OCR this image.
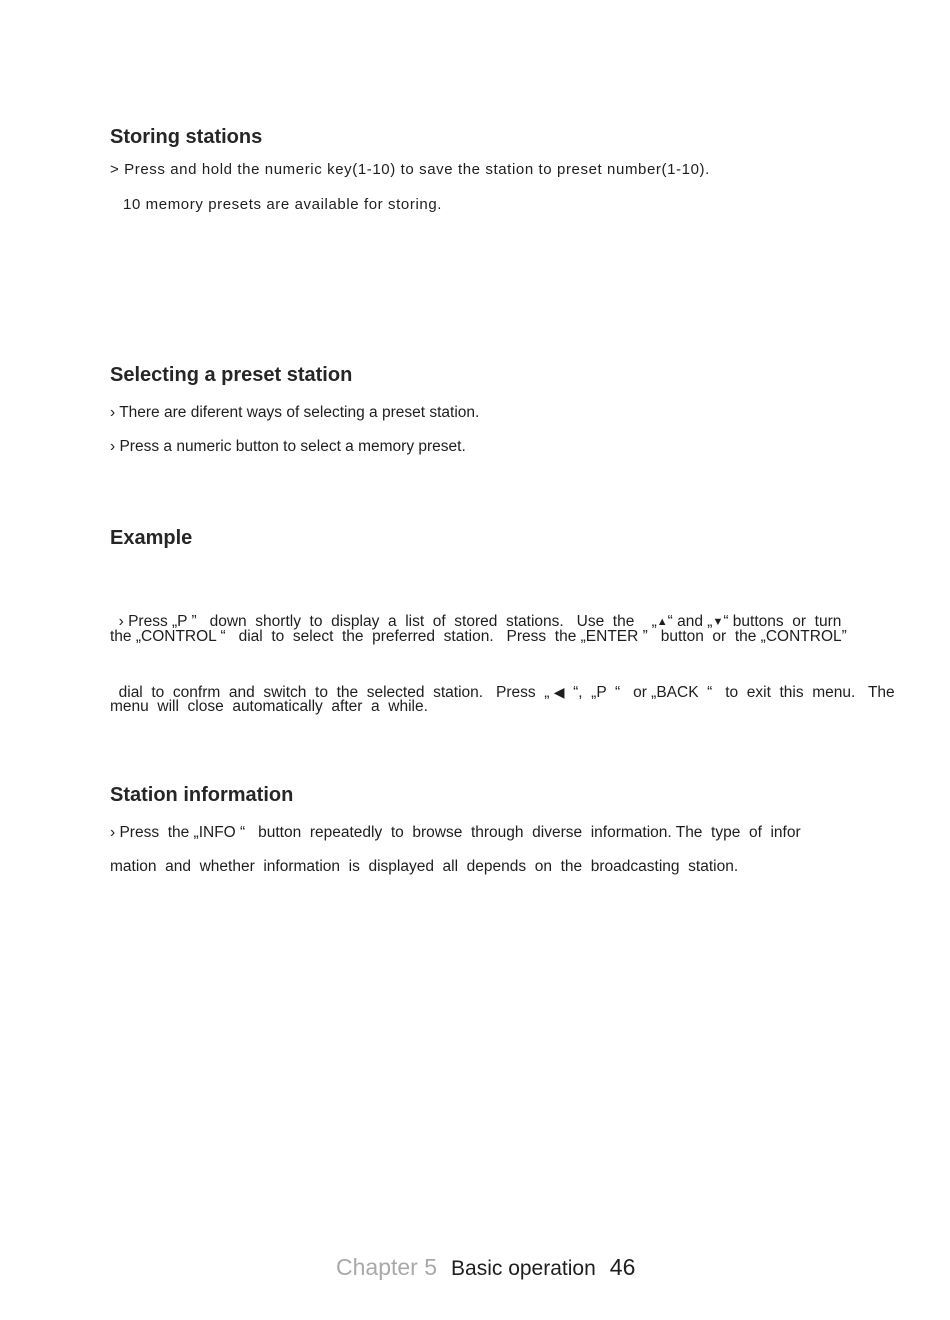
Storing stations
> Press and hold the numeric key(1-10) to save the station to preset number(1-10).
10 memory presets are available for storing.
Selecting a preset station
› There are diferent ways of selecting a preset station.
› Press a numeric button to select a memory preset.
Example

› Press „P ”   down  shortly  to  display  a  list  of  stored  stations.   Use  the    „▲“ and „▼“ buttons  or  turn

the „CONTROL “   dial  to  select  the  preferred  station.   Press  the „ENTER ”   button  or  the „CONTROL”

dial  to  confrm  and  switch  to  the  selected  station.   Press  „ ◀  “,  „P  “   or „BACK  “   to  exit  this  menu.   The

menu  will  close  automatically  after  a  while.
Station information
› Press  the „INFO “   button  repeatedly  to  browse  through  diverse  information. The  type  of  infor
mation  and  whether  information  is  displayed  all  depends  on  the  broadcasting  station.
Chapter 5 Basic operation 46
